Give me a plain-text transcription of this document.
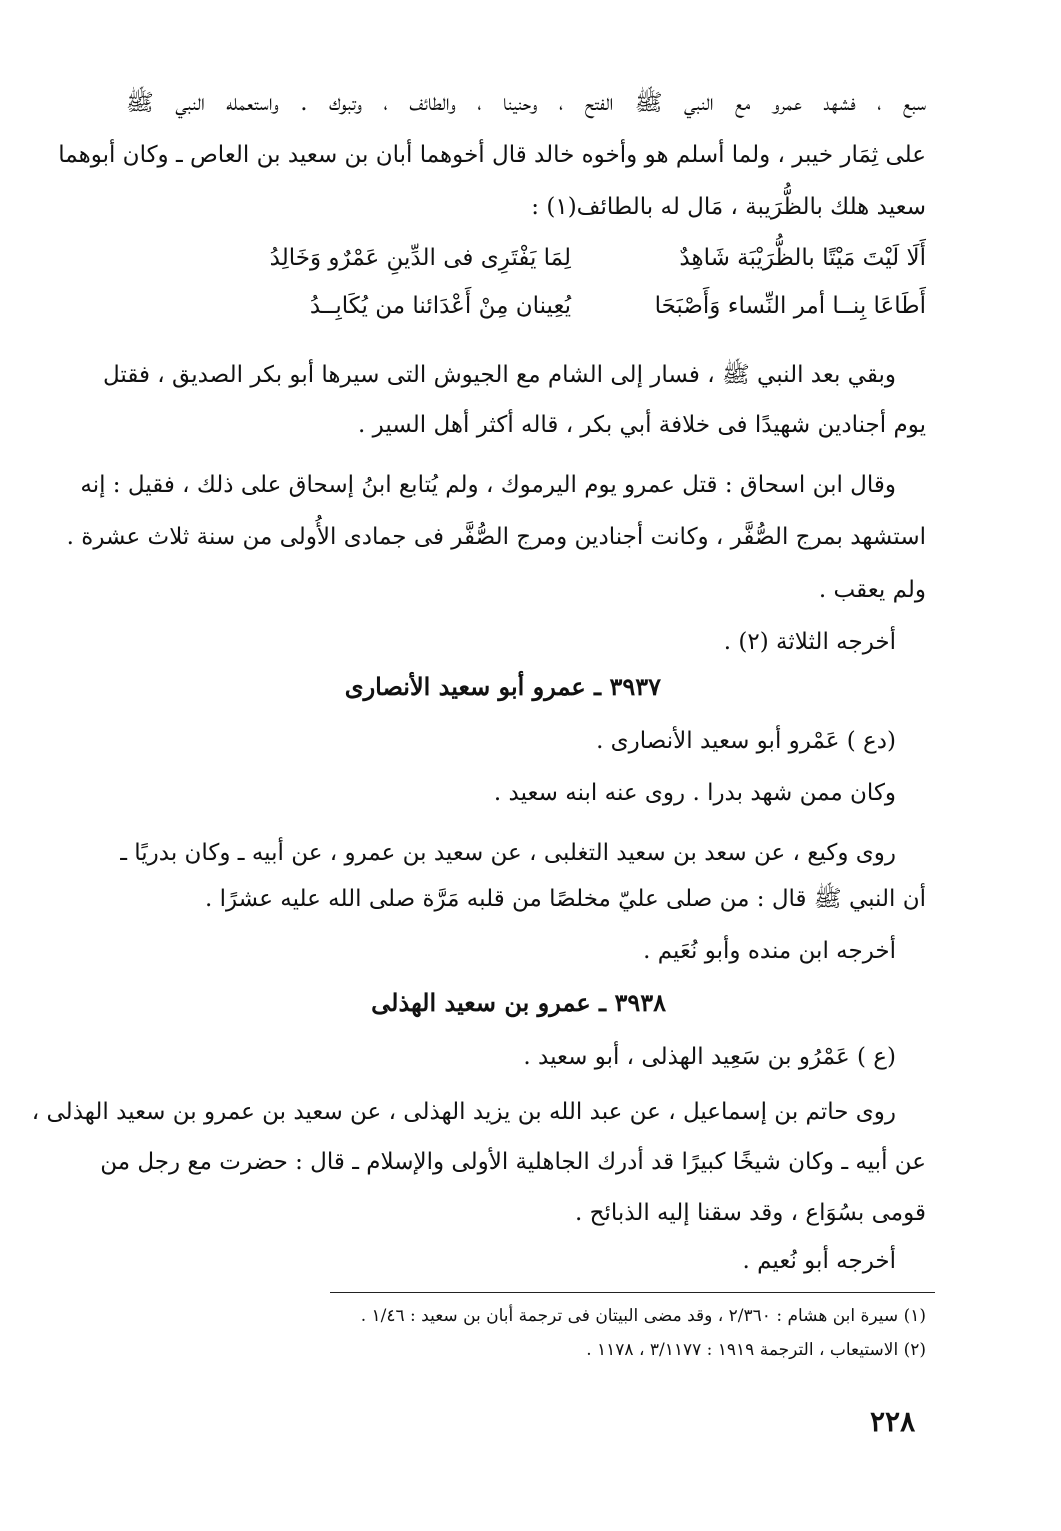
سبع ، فشهد عمرو مع النبي ﷺ الفتح ، وحنينا ، والطائف ، وتبوك . واستعمله النبي ﷺ
على ثِمَار خيبر ، ولما أسلم هو وأخوه خالد قال أخوهما أبان بن سعيد بن العاص ـ وكان أبوهما
سعيد هلك بالظُّرَيبة ، مَال له بالطائف(١) :
أَلَا لَيْتَ مَيْتًا بالظُّرَيْبَة شَاهِدٌ
لِمَا يَفْتَرِى فى الدِّينِ عَمْرٌو وَخَالِدُ
أَطَاعَا بِنــا أمر النِّساء وَأَصْبَحَا
يُعِينان مِنْ أَعْدَائنا من يُكَابِــدُ
وبقي بعد النبي ﷺ ، فسار إلى الشام مع الجيوش التى سيرها أبو بكر الصديق ، فقتل
يوم أجنادين شهيدًا فى خلافة أبي بكر ، قاله أكثر أهل السير .
وقال ابن اسحاق : قتل عمرو يوم اليرموك ، ولم يُتابع ابنُ إسحاق على ذلك ، فقيل : إنه
استشهد بمرج الصُّفَّر ، وكانت أجنادين ومرج الصُّفَّر فى جمادى الأُولى من سنة ثلاث عشرة .
ولم يعقب .
أخرجه الثلاثة (٢) .
٣٩٣٧ ـ عمرو أبو سعيد الأنصارى
(دع ) عَمْرو أبو سعيد الأنصارى .
وكان ممن شهد بدرا . روى عنه ابنه سعيد .
روى وكيع ، عن سعد بن سعيد التغلبى ، عن سعيد بن عمرو ، عن أبيه ـ وكان بدريًا ـ
أن النبي ﷺ قال : من صلى عليّ مخلصًا من قلبه مَرَّة صلى الله عليه عشرًا .
أخرجه ابن منده وأبو نُعَيم .
٣٩٣٨ ـ عمرو بن سعيد الهذلى
(ع ) عَمْرُو بن سَعِيد الهذلى ، أبو سعيد .
روى حاتم بن إسماعيل ، عن عبد الله بن يزيد الهذلى ، عن سعيد بن عمرو بن سعيد الهذلى ،
عن أبيه ـ وكان شيخًا كبيرًا قد أدرك الجاهلية الأولى والإسلام ـ قال : حضرت مع رجل من
قومى بسُوَاع ، وقد سقنا إليه الذبائح .
أخرجه أبو نُعيم .
(١) سيرة ابن هشام : ٢/٣٦٠ ، وقد مضى البيتان فى ترجمة أبان بن سعيد : ١/٤٦ .
(٢) الاستيعاب ، الترجمة ١٩١٩ : ٣/١١٧٧ ، ١١٧٨ .
٢٢٨
